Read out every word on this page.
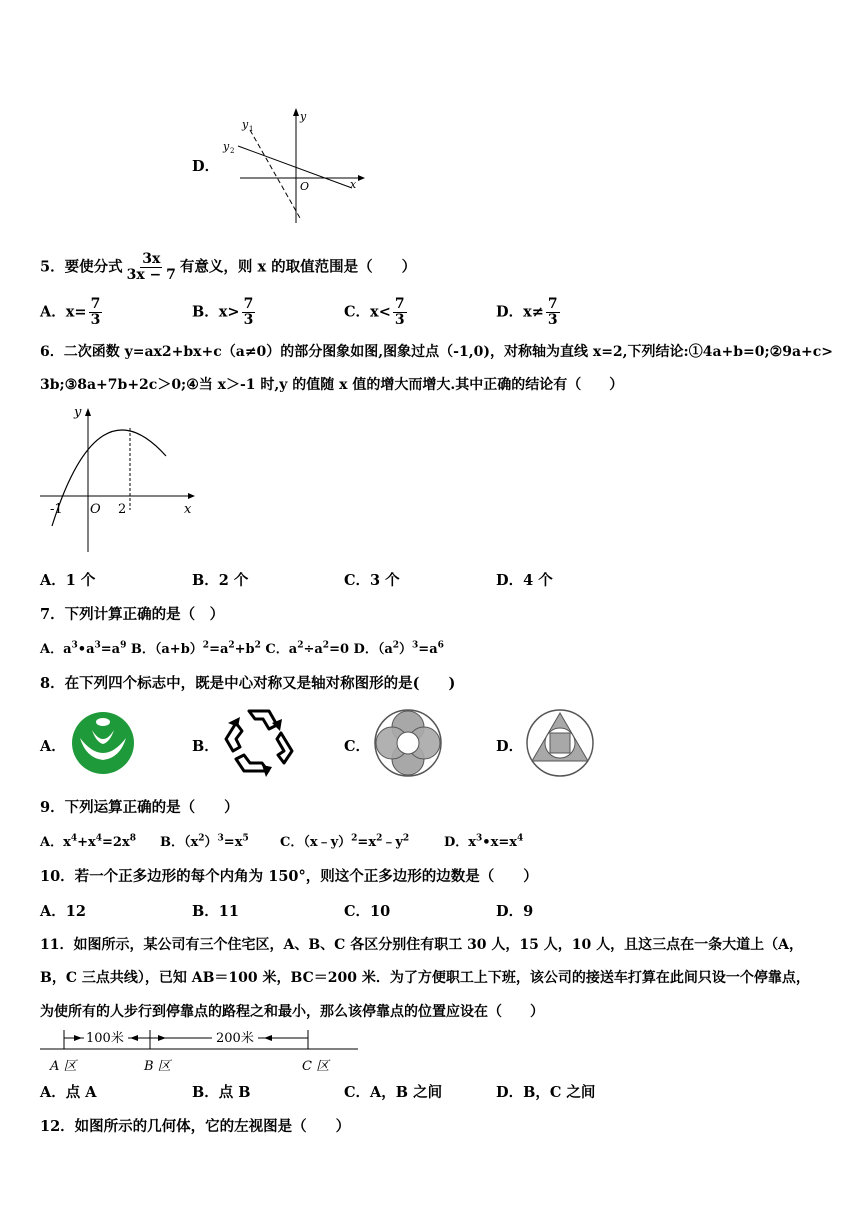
D．
y 1
y 2
y
x
O
5．要使分式 $\frac{3x}{3x - 7}$ 有意义，则 x 的取值范围是（　　）
A．$x= \frac{7}{3}$	B．$x> \frac{7}{3}$	C．$x< \frac{7}{3}$	D．$x\ne \frac{7}{3}$
6．二次函数 y=ax2+bx+c（a≠0）的部分图象如图,图象过点（-1,0)，对称轴为直线 x=2,下列结论:①4a+b=0;②9a+c>
3b;③8a+7b+2c＞0;④当 x＞-1 时,y 的值随 x 值的增大而增大.其中正确的结论有（　　）
y
x
O
-1	2
A．1 个	B．2 个	C．3 个	D．4 个
7．下列计算正确的是（　）
A．$a^3•a^3=a^9$ B．$(a+b)^2=a^2+b^2$ C．$a^2\div a^2=0$ D．$(a^2)^3=a^6$
8．在下列四个标志中，既是中心对称又是轴对称图形的是(　　)
A．	B．	C．	D．
9．下列运算正确的是（　　）
A．$x^4+x^4=2x^8$ B．$(x^2)^3=x^5$ C．$(x﹣y)^2=x^2﹣y^2$	D．$x^3•x=x^4$
10．若一个正多边形的每个内角为 150°，则这个正多边形的边数是（　　）
A．12	B．11	C．10	D．9
11．如图所示，某公司有三个住宅区，A、B、C 各区分别住有职工 30 人，15 人，10 人，且这三点在一条大道上（A，
B，C 三点共线），已知 AB＝100 米，BC＝200 米．为了方便职工上下班，该公司的接送车打算在此间只设一个停靠点，
为使所有的人步行到停靠点的路程之和最小，那么该停靠点的位置应设在（　　）
100米	200米
A 区	B 区	C 区
A．点 A	B．点 B	C．A，B 之间	D．B，C 之间
12．如图所示的几何体，它的左视图是（　　）
